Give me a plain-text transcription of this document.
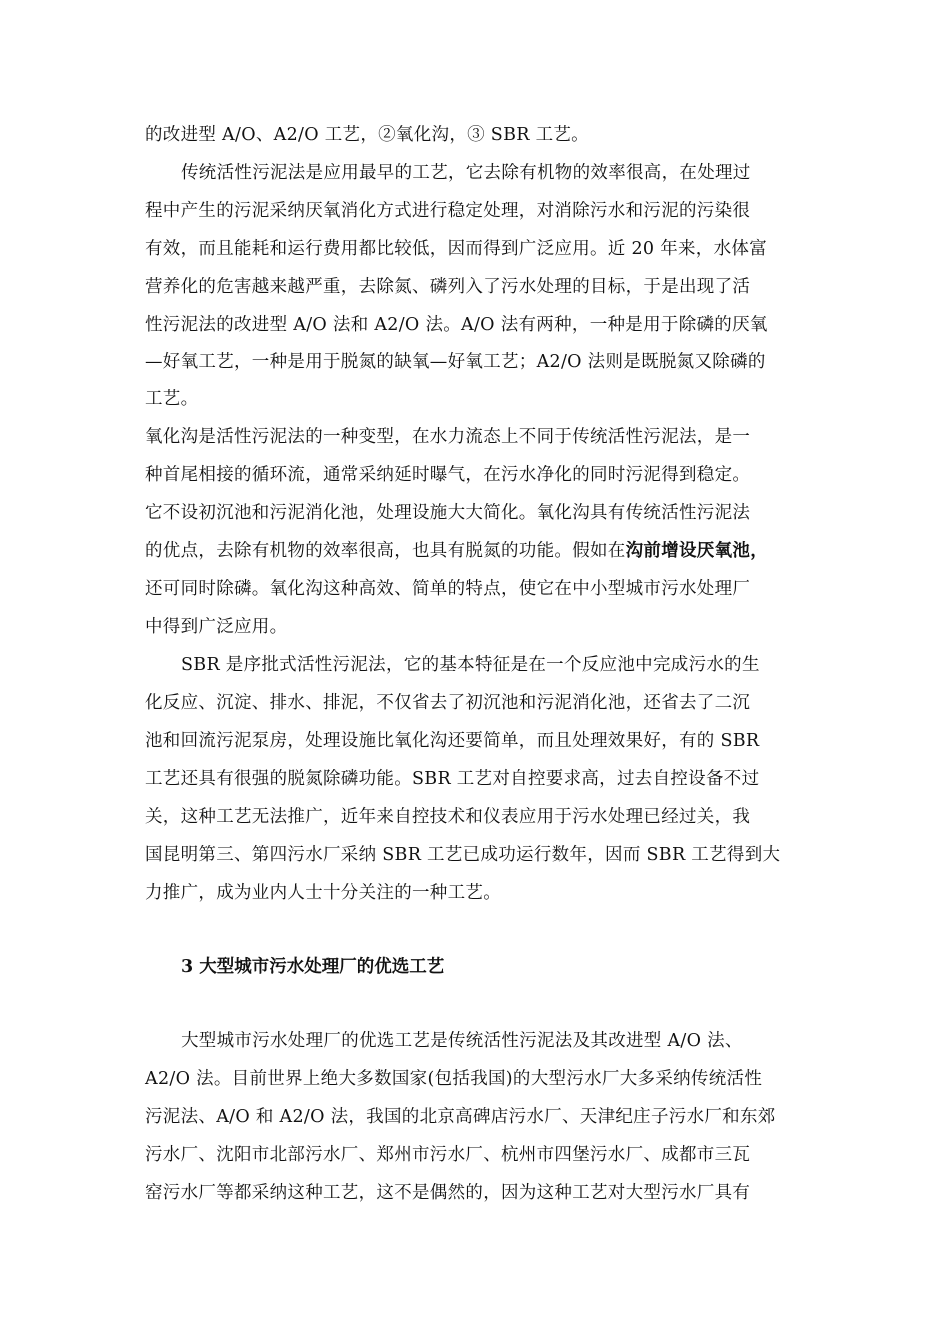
的改进型 A/O、A2/O 工艺，②氧化沟，③ SBR 工艺。
传统活性污泥法是应用最早的工艺，它去除有机物的效率很高，在处理过
程中产生的污泥采纳厌氧消化方式进行稳定处理，对消除污水和污泥的污染很
有效，而且能耗和运行费用都比较低，因而得到广泛应用。近 20 年来，水体富
营养化的危害越来越严重，去除氮、磷列入了污水处理的目标，于是出现了活
性污泥法的改进型 A/O 法和 A2/O 法。A/O 法有两种，一种是用于除磷的厌氧
—好氧工艺，一种是用于脱氮的缺氧—好氧工艺；A2/O 法则是既脱氮又除磷的
工艺。
氧化沟是活性污泥法的一种变型，在水力流态上不同于传统活性污泥法，是一
种首尾相接的循环流，通常采纳延时曝气，在污水净化的同时污泥得到稳定。
它不设初沉池和污泥消化池，处理设施大大简化。氧化沟具有传统活性污泥法
的优点，去除有机物的效率很高，也具有脱氮的功能。假如在沟前增设厌氧池，
还可同时除磷。氧化沟这种高效、简单的特点，使它在中小型城市污水处理厂
中得到广泛应用。
SBR 是序批式活性污泥法，它的基本特征是在一个反应池中完成污水的生
化反应、沉淀、排水、排泥，不仅省去了初沉池和污泥消化池，还省去了二沉
池和回流污泥泵房，处理设施比氧化沟还要简单，而且处理效果好，有的 SBR
工艺还具有很强的脱氮除磷功能。SBR 工艺对自控要求高，过去自控设备不过
关，这种工艺无法推广，近年来自控技术和仪表应用于污水处理已经过关，我
国昆明第三、第四污水厂采纳 SBR 工艺已成功运行数年，因而 SBR 工艺得到大
力推广，成为业内人士十分关注的一种工艺。
3 大型城市污水处理厂的优选工艺
大型城市污水处理厂的优选工艺是传统活性污泥法及其改进型 A/O 法、
A2/O 法。目前世界上绝大多数国家(包括我国)的大型污水厂大多采纳传统活性
污泥法、A/O 和 A2/O 法，我国的北京高碑店污水厂、天津纪庄子污水厂和东郊
污水厂、沈阳市北部污水厂、郑州市污水厂、杭州市四堡污水厂、成都市三瓦
窑污水厂等都采纳这种工艺，这不是偶然的，因为这种工艺对大型污水厂具有
